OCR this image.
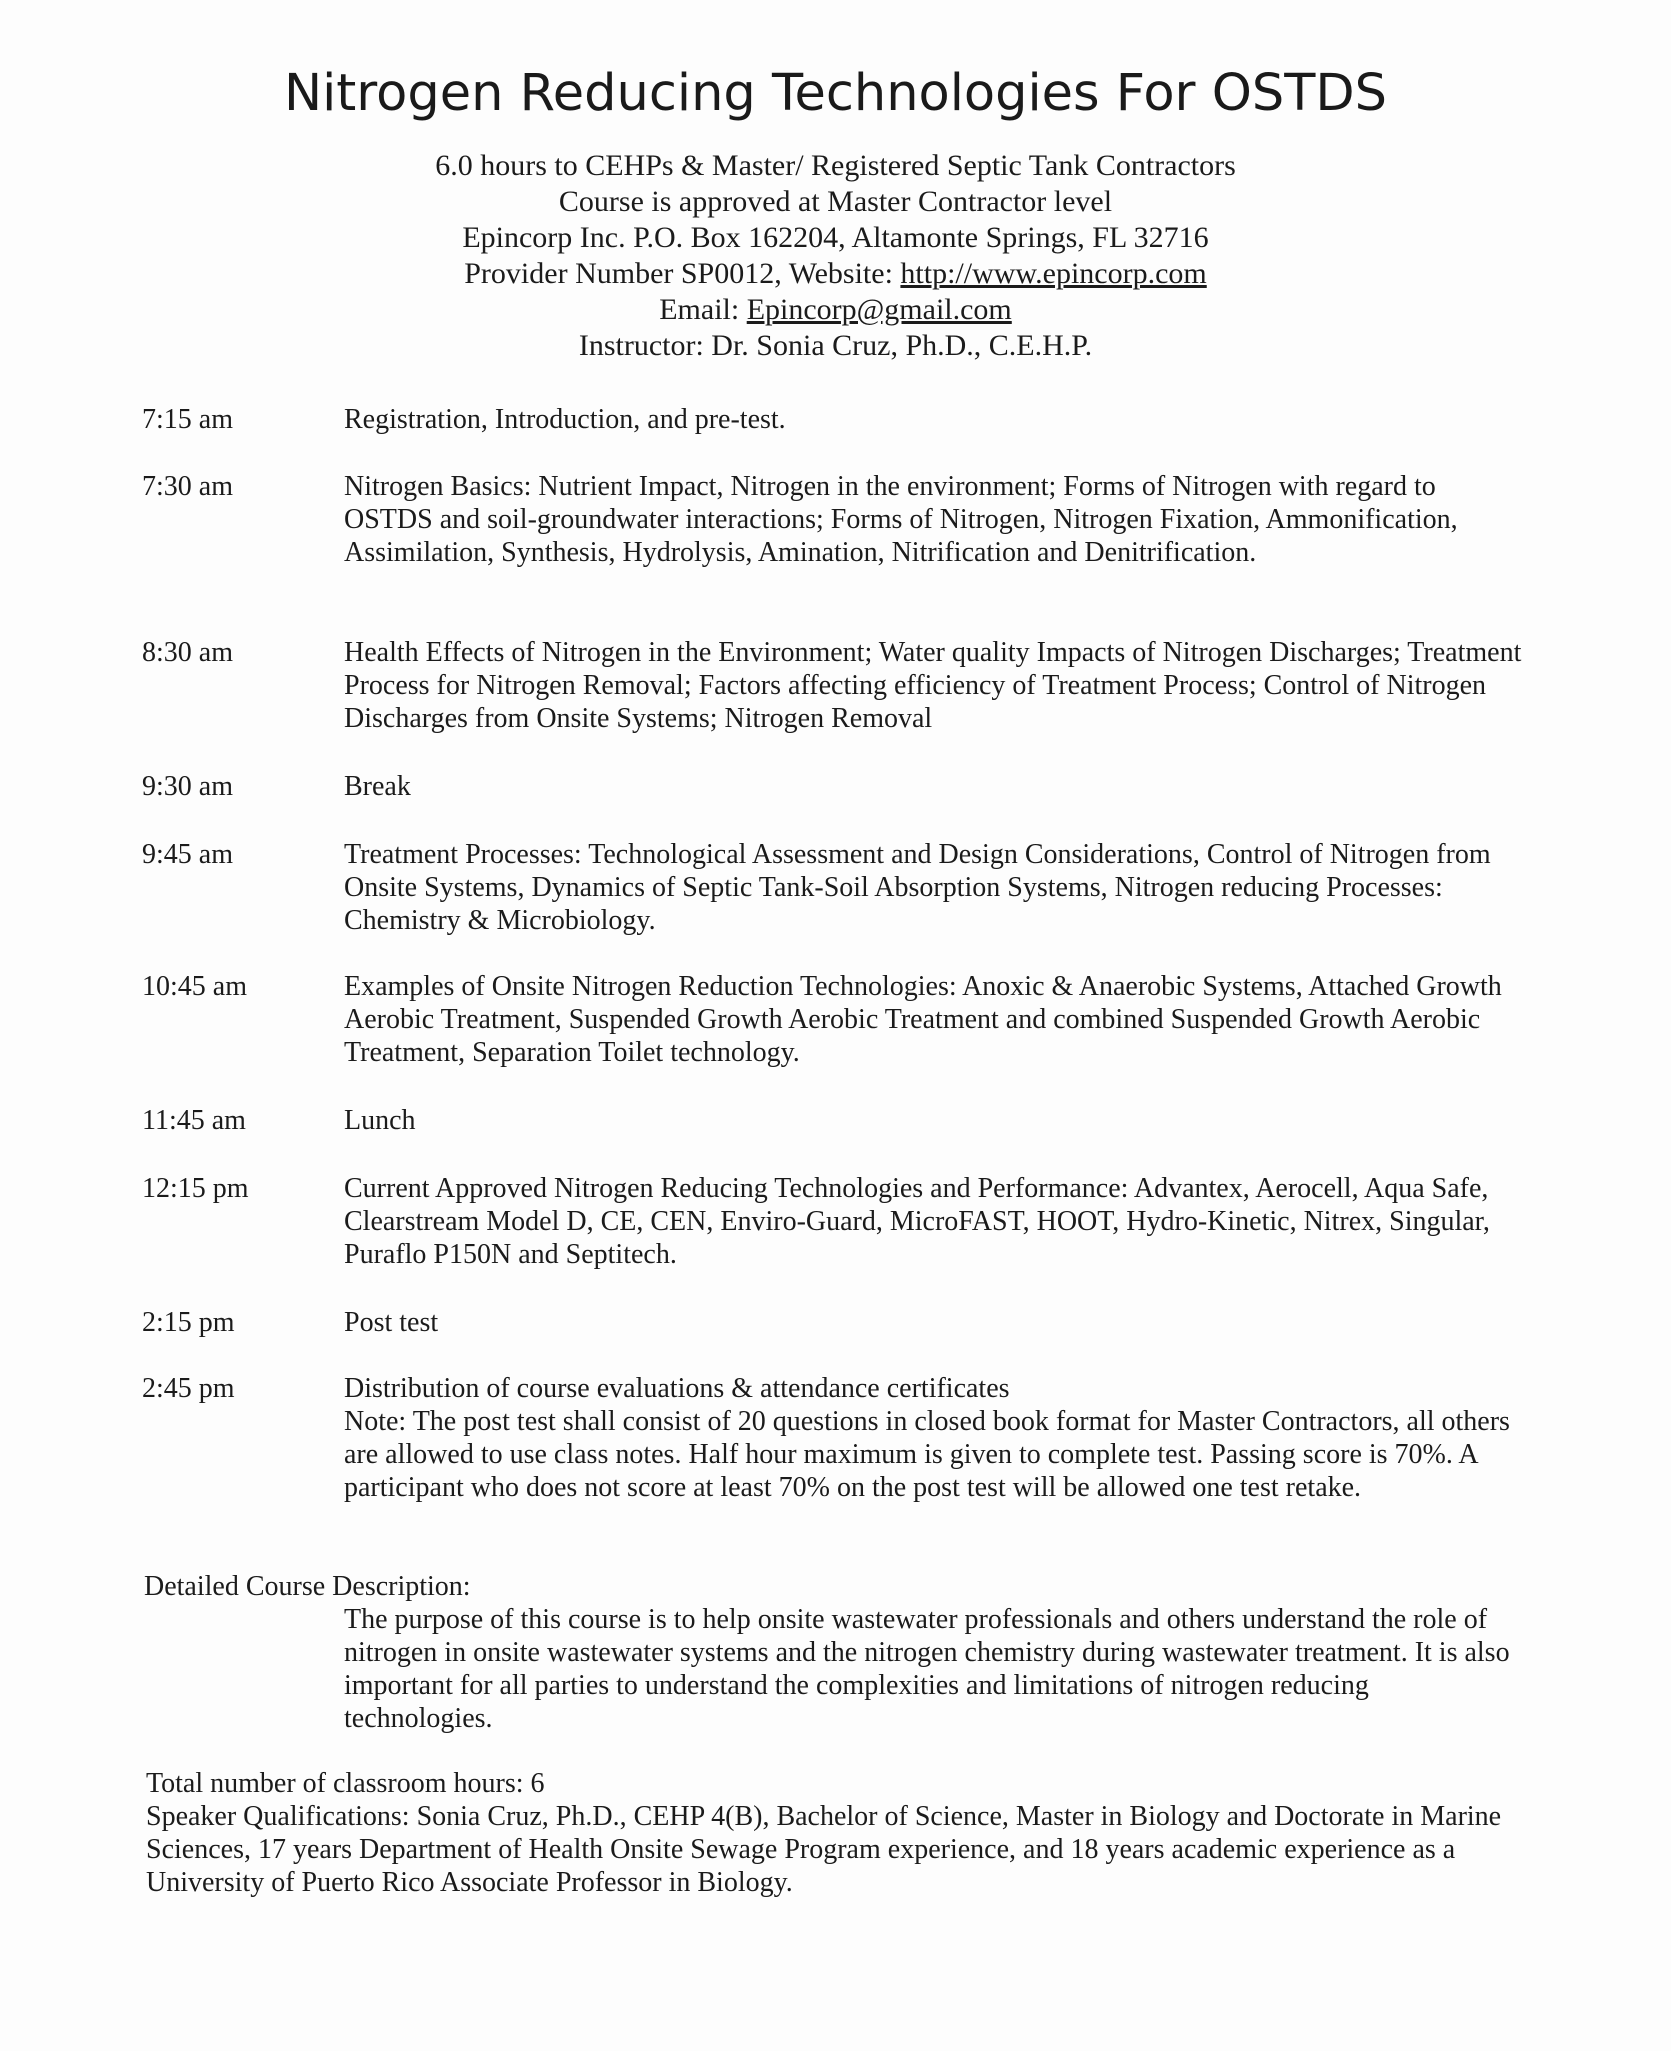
Nitrogen Reducing Technologies For OSTDS
6.0 hours to CEHPs & Master/ Registered Septic Tank Contractors
Course is approved at Master Contractor level
Epincorp Inc. P.O. Box 162204, Altamonte Springs, FL 32716
Provider Number SP0012, Website: http://www.epincorp.com
Email: Epincorp@gmail.com
Instructor: Dr. Sonia Cruz, Ph.D., C.E.H.P.
7:15 am	Registration, Introduction, and pre-test.
7:30 am	Nitrogen Basics: Nutrient Impact, Nitrogen in the environment; Forms of Nitrogen with regard to OSTDS and soil-groundwater interactions; Forms of Nitrogen, Nitrogen Fixation, Ammonification, Assimilation, Synthesis, Hydrolysis, Amination, Nitrification and Denitrification.
8:30 am	Health Effects of Nitrogen in the Environment; Water quality Impacts of Nitrogen Discharges; Treatment Process for Nitrogen Removal; Factors affecting efficiency of Treatment Process; Control of Nitrogen Discharges from Onsite Systems; Nitrogen Removal
9:30 am	Break
9:45 am	Treatment Processes: Technological Assessment and Design Considerations, Control of Nitrogen from Onsite Systems, Dynamics of Septic Tank-Soil Absorption Systems, Nitrogen reducing Processes: Chemistry & Microbiology.
10:45 am	Examples of Onsite Nitrogen Reduction Technologies: Anoxic & Anaerobic Systems, Attached Growth Aerobic Treatment, Suspended Growth Aerobic Treatment and combined Suspended Growth Aerobic Treatment, Separation Toilet technology.
11:45 am	Lunch
12:15 pm	Current Approved Nitrogen Reducing Technologies and Performance: Advantex, Aerocell, Aqua Safe, Clearstream Model D, CE, CEN, Enviro-Guard, MicroFAST, HOOT, Hydro-Kinetic, Nitrex, Singular, Puraflo P150N and Septitech.
2:15 pm	Post test
2:45 pm	Distribution of course evaluations & attendance certificates

Note: The post test shall consist of 20 questions in closed book format for Master Contractors, all others are allowed to use class notes. Half hour maximum is given to complete test. Passing score is 70%. A participant who does not score at least 70% on the post test will be allowed one test retake.

Detailed Course Description:
The purpose of this course is to help onsite wastewater professionals and others understand the role of nitrogen in onsite wastewater systems and the nitrogen chemistry during wastewater treatment. It is also important for all parties to understand the complexities and limitations of nitrogen reducing technologies.
Total number of classroom hours: 6
Speaker Qualifications: Sonia Cruz, Ph.D., CEHP 4(B), Bachelor of Science, Master in Biology and Doctorate in Marine Sciences, 17 years Department of Health Onsite Sewage Program experience, and 18 years academic experience as a University of Puerto Rico Associate Professor in Biology.
